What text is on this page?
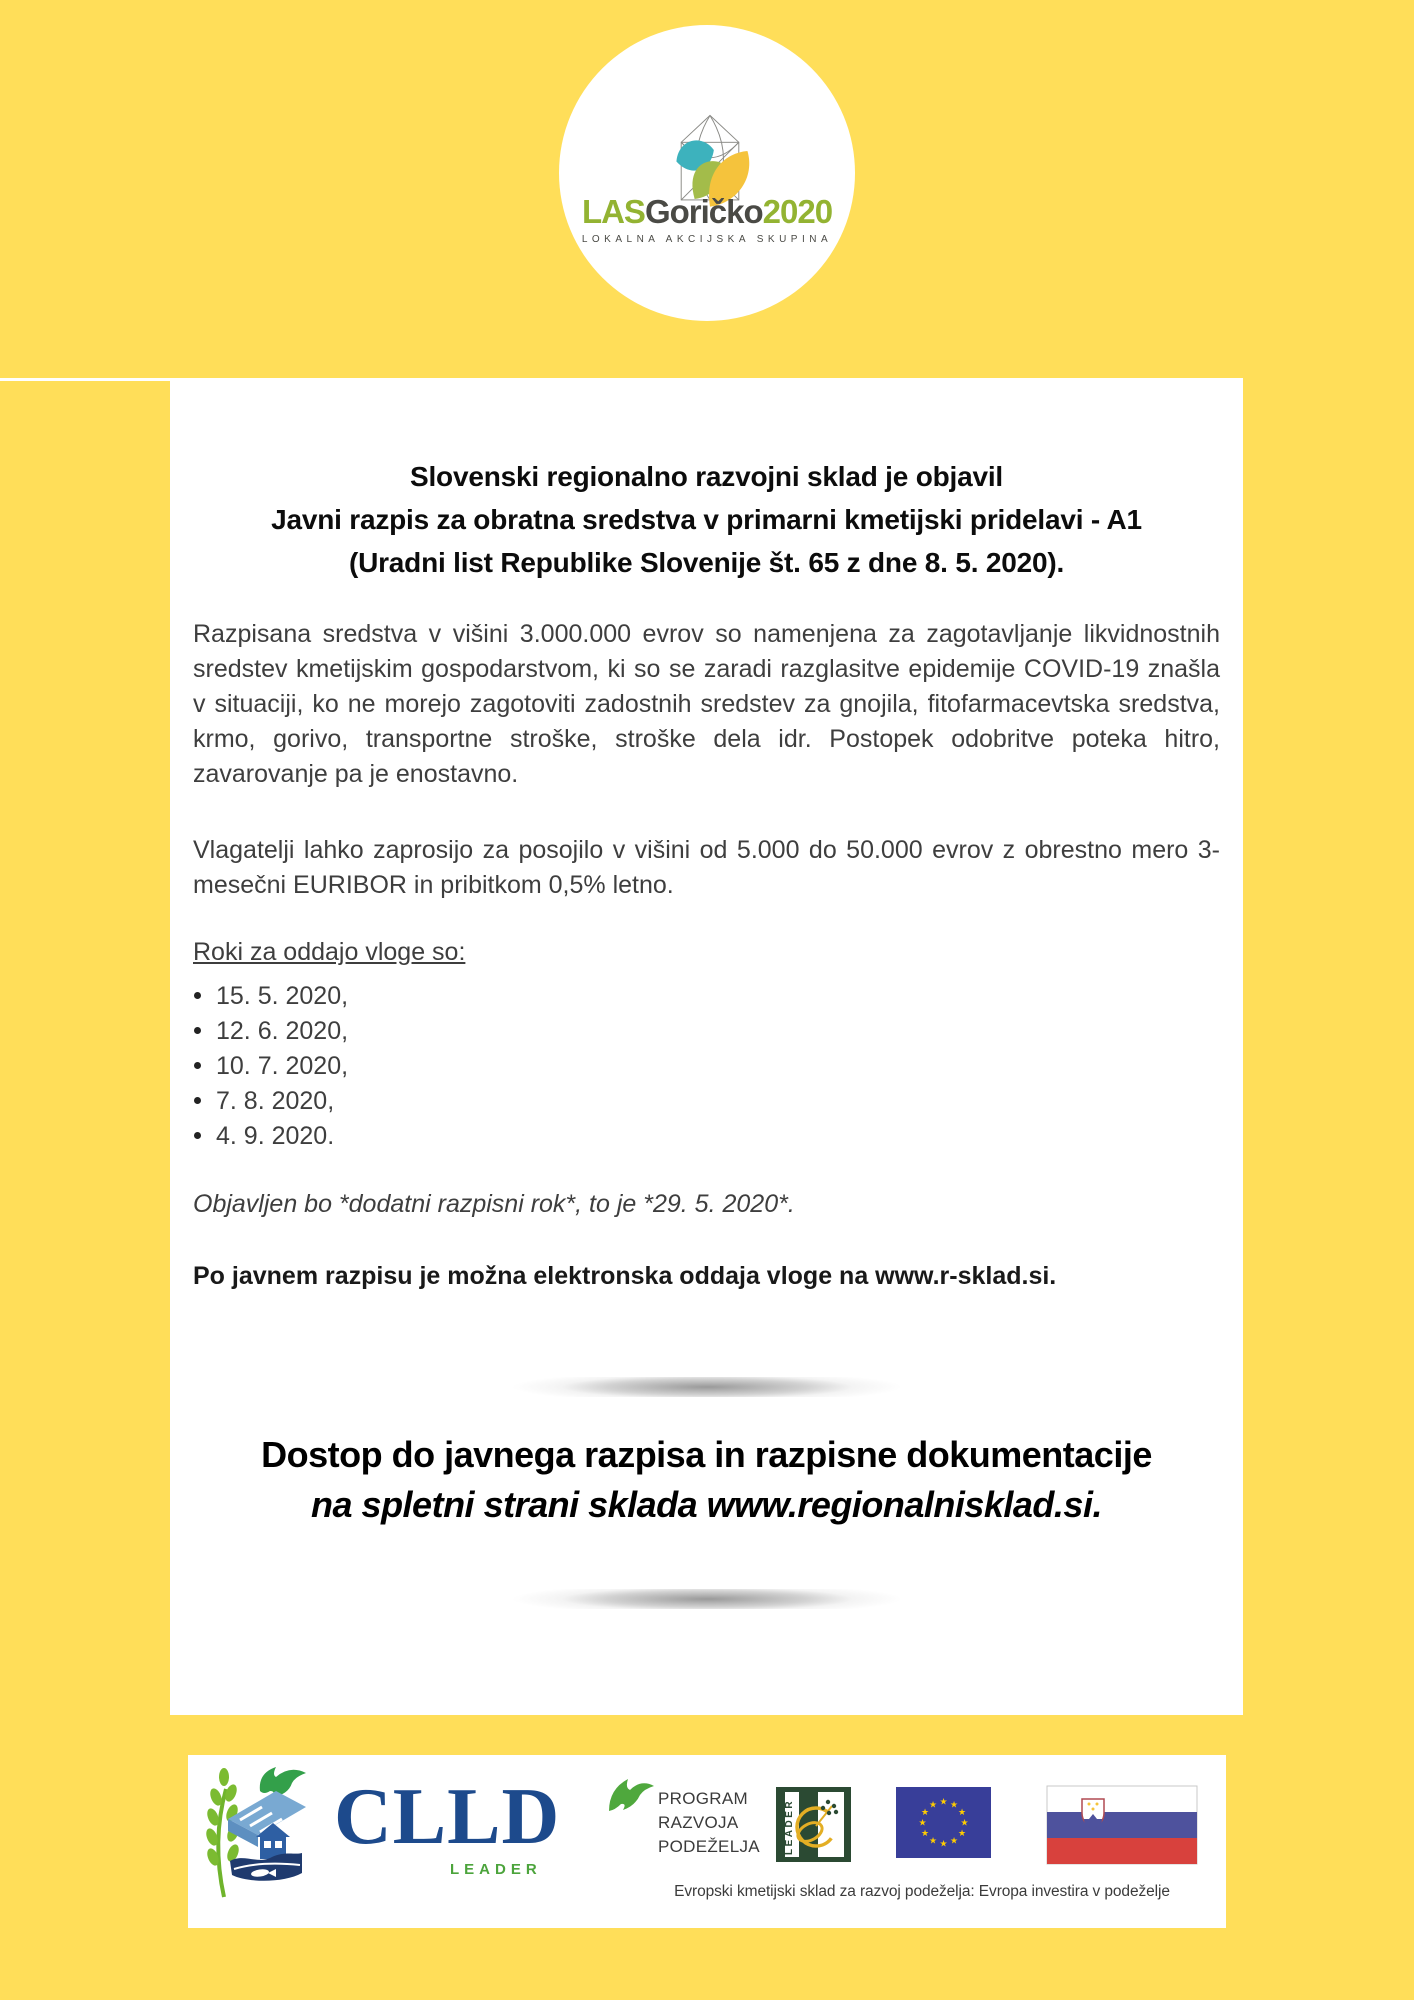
LASGoričko2020
LOKALNA AKCIJSKA SKUPINA
Slovenski regionalno razvojni sklad je objavil
Javni razpis za obratna sredstva v primarni kmetijski pridelavi - A1
(Uradni list Republike Slovenije št. 65 z dne 8. 5. 2020).
Razpisana sredstva v višini 3.000.000 evrov so namenjena za zagotavljanje likvidnostnih sredstev kmetijskim gospodarstvom, ki so se zaradi razglasitve epidemije COVID-19 znašla v situaciji, ko ne morejo zagotoviti zadostnih sredstev za gnojila, fitofarmacevtska sredstva, krmo, gorivo, transportne stroške, stroške dela idr. Postopek odobritve poteka hitro, zavarovanje pa je enostavno.
Vlagatelji lahko zaprosijo za posojilo v višini od 5.000 do 50.000 evrov z obrestno mero 3- mesečni EURIBOR in pribitkom 0,5% letno.
Roki za oddajo vloge so:
15. 5. 2020,
12. 6. 2020,
10. 7. 2020,
7. 8. 2020,
4. 9. 2020.
Objavljen bo *dodatni razpisni rok*, to je *29. 5. 2020*.
Po javnem razpisu je možna elektronska oddaja vloge na www.r-sklad.si.
Dostop do javnega razpisa in razpisne dokumentacije
na spletni strani sklada www.regionalnisklad.si.
CLLD
LEADER
PROGRAM
RAZVOJA
PODEŽELJA LEADER	★ ★
★
★
★
★
★
★
★
★
★
★
Evropski kmetijski sklad za razvoj podeželja: Evropa investira v podeželje
